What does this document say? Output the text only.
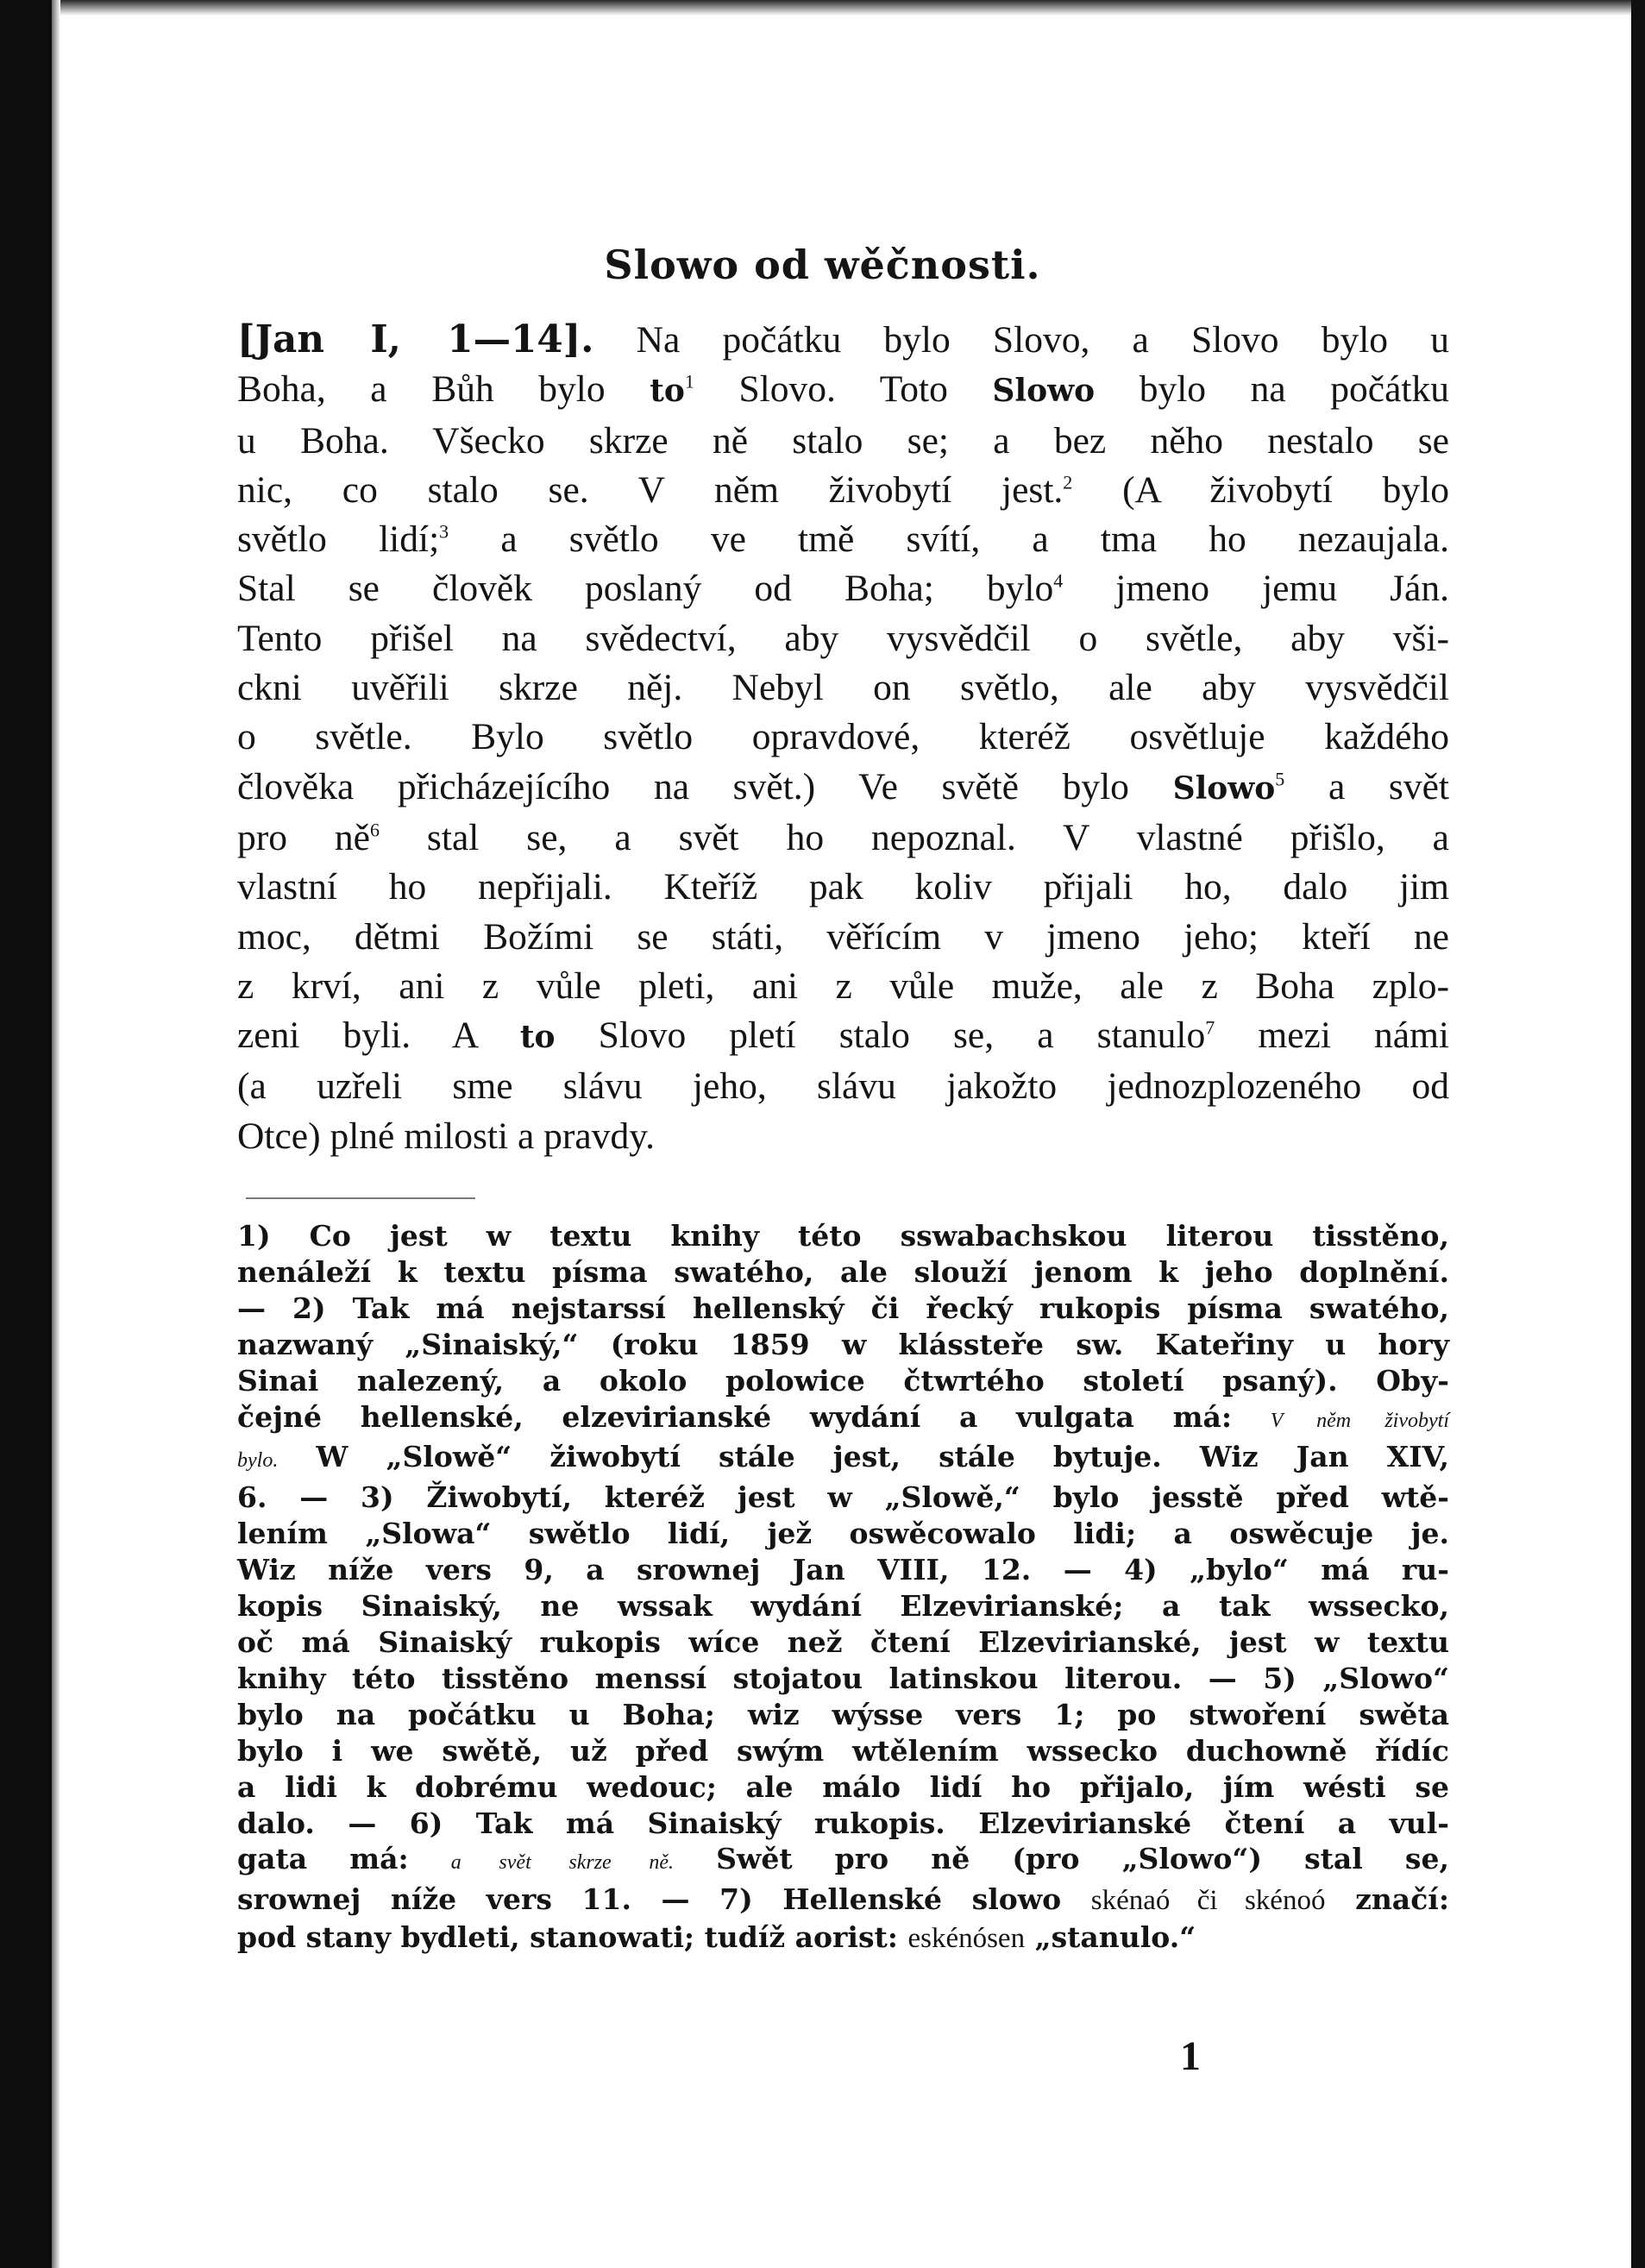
Slowo od wěčnosti.
[Jan I, 1—14]. Na počátku bylo Slovo, a Slovo bylo u
Boha, a Bůh bylo $to^1$ Slovo. Toto Slowo bylo na počátku
u Boha. Všecko skrze ně stalo se; a bez něho nestalo se
nic, co stalo se. V něm živobytí jest.$^2$ (A živobytí bylo
světlo lidí;$^3$ a světlo ve tmě svítí, a tma ho nezaujala.
Stal se člověk poslaný od Boha; bylo$^4$ jmeno jemu Ján.
Tento přišel na svědectví, aby vysvědčil o světle, aby vši-
ckni uvěřili skrze něj. Nebyl on světlo, ale aby vysvědčil
o světle. Bylo světlo opravdové, kteréž osvětluje každého
člověka přicházejícího na svět.) Ve světě bylo Slowo$^5$ a svět
pro $ně^6$ stal se, a svět ho nepoznal. V vlastné přišlo, a
vlastní ho nepřijali. Kteříž pak koliv přijali ho, dalo jim
moc, dětmi Božími se státi, věřícím v jmeno jeho; kteří ne
z krví, ani z vůle pleti, ani z vůle muže, ale z Boha zplo-
zeni byli. A to Slovo pletí stalo se, a stanulo$^7$ mezi námi
(a uzřeli sme slávu jeho, slávu jakožto jednozplozeného od
Otce) plné milosti a pravdy.
1) Co jest w textu knihy této sswabachskou literou tisstěno,
nenáleží k textu písma swatého, ale slouží jenom k jeho doplnění.
— 2) Tak má nejstarssí hellenský či řecký rukopis písma swatého,
nazwaný „Sinaiský,“ (roku 1859 w klássteře sw. Kateřiny u hory
Sinai nalezený, a okolo polowice čtwrtého století psaný). Oby-
čejné hellenské, elzevirianské wydání a vulgata má: V něm živobytí
bylo. W „Slowě“ žiwobytí stále jest, stále bytuje. Wiz Jan XIV,
6. — 3) Žiwobytí, kteréž jest w „Slowě,“ bylo jesstě před wtě-
lením „Slowa“ swětlo lidí, jež oswěcowalo lidi; a oswěcuje je.
Wiz níže vers 9, a srownej Jan VIII, 12. — 4) „bylo“ má ru-
kopis Sinaiský, ne wssak wydání Elzevirianské; a tak wsseckо,
oč má Sinaiský rukopis wíce než čtení Elzevirianské, jest w textu
knihy této tisstěno menssí stojatou latinskou literou. — 5) „Slowo“
bylo na počátku u Boha; wiz wýsse vers 1; po stwoření swěta
bylo i we swětě, už před swým wtělením wsseckо duchowně řídíc
a lidi k dobrému wedouc; ale málo lidí ho přijalo, jím wésti se
dalo. — 6) Tak má Sinaiský rukopis. Elzevirianské čtení a vul-
gata má: a svět skrze ně. Swět pro ně (pro „Slowo“) stal se,
srownej níže vers 11. — 7) Hellenské slowo skénaó či skénoó značí:
pod stany bydleti, stanowati; tudíž aorist: eskénósen „stanulo.“
1
